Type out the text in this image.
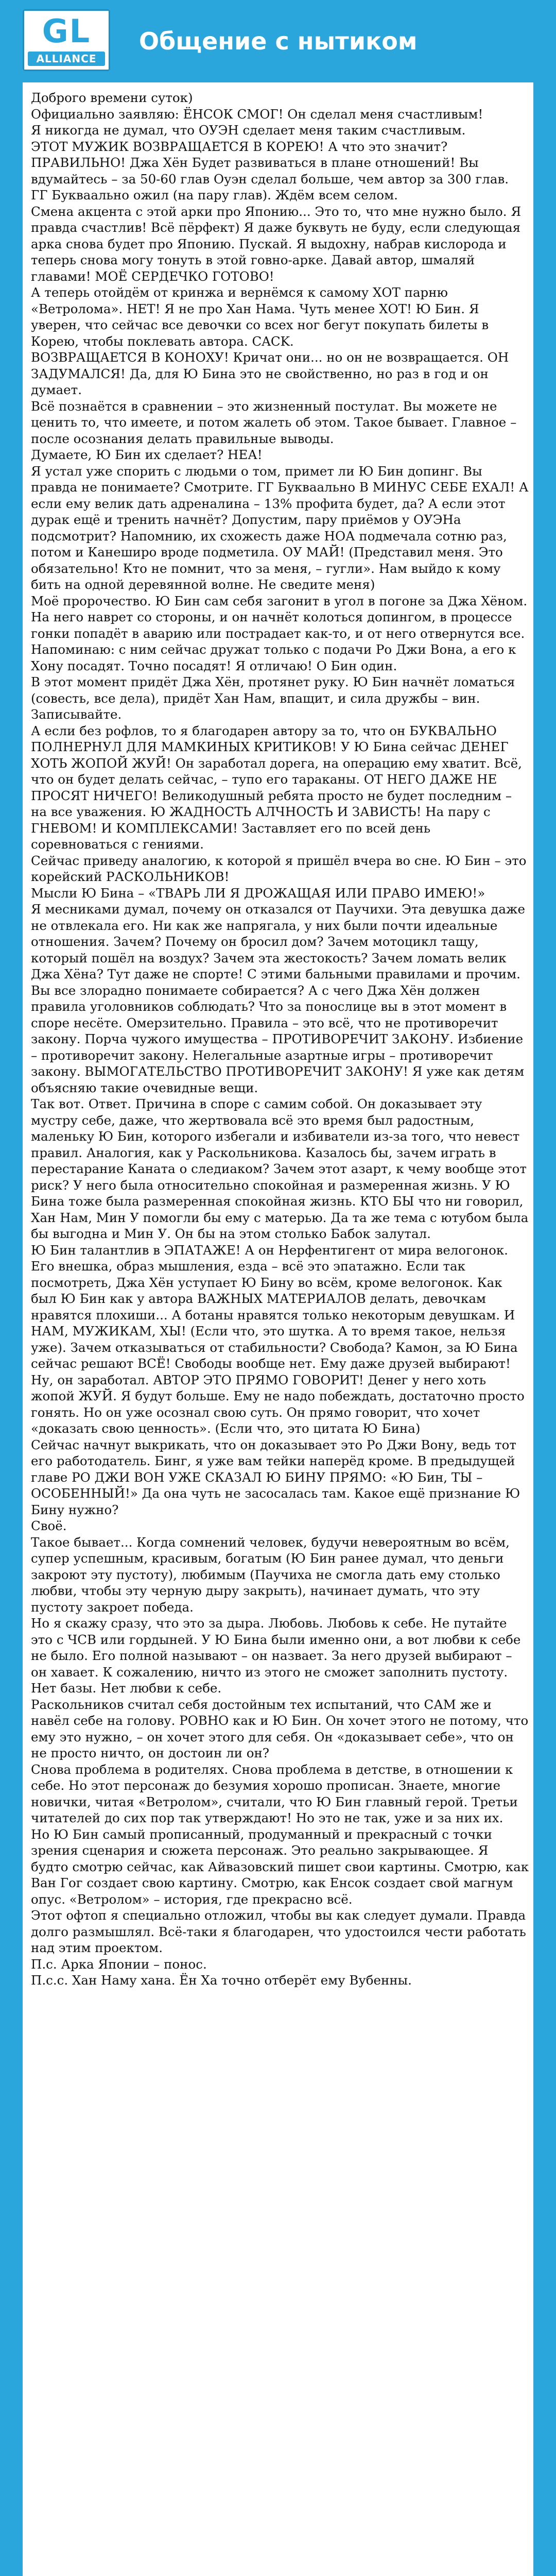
GL
ALLIANCE
Общение с нытиком

Доброго времени суток)

Официально заявляю: ЁНСОК СМОГ! Он сделал меня счастливым!

Я никогда не думал, что ОУЭН сделает меня таким счастливым.

ЭТОТ МУЖИК ВОЗВРАЩАЕТСЯ В КОРЕЮ! А что это значит? ПРАВИЛЬНО! Джа Хён Будет развиваться в плане отношений! Вы вдумайтесь – за 50-60 глав Оуэн сделал больше, чем автор за 300 глав. ГГ Букваально ожил (на пару глав). Ждём всем селом.

Смена акцента с этой арки про Японию... Это то, что мне нужно было. Я правда счастлив! Всё пёрфект) Я даже буквуть не буду, если следующая арка снова будет про Японию. Пускай. Я выдохну, набрав кислорода и теперь снова могу тонуть в этой говно-арке. Давай автор, шмаляй главами! МОЁ СЕРДЕЧКО ГОТОВО!

А теперь отойдём от кринжа и вернёмся к самому ХОТ парню «Ветролома». НЕТ! Я не про Хан Нама. Чуть менее ХОТ! Ю Бин. Я уверен, что сейчас все девочки со всех ног бегут покупать билеты в Корею, чтобы поклевать автора. CACK.

ВОЗВРАЩАЕТСЯ В КОНОХУ! Кричат они... но он не возвращается. ОН ЗАДУМАЛСЯ! Да, для Ю Бина это не свойственно, но раз в год и он думает.

Всё познаётся в сравнении – это жизненный постулат. Вы можете не ценить то, что имеете, и потом жалеть об этом. Такое бывает. Главное – после осознания делать правильные выводы.

Думаете, Ю Бин их сделает? НЕА!

Я устал уже спорить с людьми о том, примет ли Ю Бин допинг. Вы правда не понимаете? Смотрите. ГГ Букваально В МИНУС СЕБЕ ЕХАЛ! А если ему велик дать адреналина – 13% профита будет, да? А если этот дурак ещё и тренить начнёт? Допустим, пару приёмов у ОУЭНа подсмотрит? Напомнию, их схожесть даже НОА подмечала сотню раз, потом и Канеширо вроде подметила. ОУ МАЙ! (Представил меня. Это обязательно! Кто не помнит, что за меня, – гугли». Нам выйдо к кому бить на одной деревянной волне. Не сведите меня)

Моё пророчество. Ю Бин сам себя загонит в угол в погоне за Джа Хёном. На него наврет со стороны, и он начнёт колоться допингом, в процессе гонки попадёт в аварию или пострадает как-то, и от него отвернутся все. Напоминаю: с ним сейчас дружат только с подачи Ро Джи Вона, а его к Хону посадят. Точно посадят! Я отличаю! О Бин один.

В этот момент придёт Джа Хён, протянет руку. Ю Бин начнёт ломаться (совесть, все дела), придёт Хан Нам, впащит, и сила дружбы – вин. Записывайте.

А если без рофлов, то я благодарен автору за то, что он БУКВАЛЬНО ПОЛНЕРНУЛ ДЛЯ МАМКИНЫХ КРИТИКОВ! У Ю Бина сейчас ДЕНЕГ ХОТЬ ЖОПОЙ ЖУЙ! Он заработал дорега, на операцию ему хватит. Всё, что он будет делать сейчас, – тупо его тараканы. ОТ НЕГО ДАЖЕ НЕ ПРОСЯТ НИЧЕГО! Великодушный ребята просто не будет последним – на все уважения. Ю ЖАДНОСТЬ АЛЧНОСТЬ И ЗАВИСТЬ! На пару с ГНЕВОМ! И КОМПЛЕКСАМИ! Заставляет его по всей день соревноваться с гениями.

Сейчас приведу аналогию, к которой я пришёл вчера во сне. Ю Бин – это корейский РАСКОЛЬНИКОВ!

Мысли Ю Бина – «ТВАРЬ ЛИ Я ДРОЖАЩАЯ ИЛИ ПРАВО ИМЕЮ!»

Я месниками думал, почему он отказался от Паучихи. Эта девушка даже не отвлекала его. Ни как же напрягала, у них были почти идеальные отношения. Зачем? Почему он бросил дом? Зачем мотоцикл тащу, который пошёл на воздух? Зачем эта жестокость? Зачем ломать велик Джа Хёна? Тут даже не спорте! С этими бальными правилами и прочим. Вы все злорадно понимаете собирается? А с чего Джа Хён должен правила уголовников соблюдать? Что за понослице вы в этот момент в споре несёте. Омерзительно. Правила – это всё, что не противоречит закону. Порча чужого имущества – ПРОТИВОРЕЧИТ ЗАКОНУ. Избиение – противоречит закону. Нелегальные азартные игры – противоречит закону. ВЫМОГАТЕЛЬСТВО ПРОТИВОРЕЧИТ ЗАКОНУ! Я уже как детям объясняю такие очевидные вещи.

Так вот. Ответ. Причина в споре с самим собой. Он доказывает эту мустру себе, даже, что жертвовала всё это время был радостным, маленьку Ю Бин, которого избегали и избиватели из-за того, что невест правил. Аналогия, как у Раскольникова. Казалось бы, зачем играть в перестарание Каната о следиаком? Зачем этот азарт, к чему вообще этот риск? У него была относительно спокойная и размеренная жизнь. У Ю Бина тоже была размеренная спокойная жизнь. КТО БЫ что ни говорил, Хан Нам, Мин У помогли бы ему с матерью. Да та же тема с ютубом была бы выгодна и Мин У. Он бы на этом столько Бабок залутал.

Ю Бин талантлив в ЭПАТАЖЕ! А он Нерфентигент от мира велогонок. Его внешка, образ мышления, езда – всё это эпатажно. Если так посмотреть, Джа Хён уступает Ю Бину во всём, кроме велогонок. Как был Ю Бин как у автора ВАЖНЫХ МАТЕРИАЛОВ делать, девочкам нравятся плохиши... А ботаны нравятся только некоторым девушкам. И НАМ, МУЖИКАМ, ХЫ! (Если что, это шутка. А то время такое, нельзя уже). Зачем отказываться от стабильности? Свобода? Камон, за Ю Бина сейчас решают ВСЁ! Свободы вообще нет. Ему даже друзей выбирают! Ну, он заработал. АВТОР ЭТО ПРЯМО ГОВОРИТ! Денег у него хоть жопой ЖУЙ. Я будут больше. Ему не надо побеждать, достаточно просто гонять. Но он уже осознал свою суть. Он прямо говорит, что хочет «доказать свою ценность». (Если что, это цитата Ю Бина)

Сейчас начнут выкрикать, что он доказывает это Ро Джи Вону, ведь тот его работодатель. Бинг, я уже вам тейки наперёд кроме. В предыдущей главе РО ДЖИ ВОН УЖЕ СКАЗАЛ Ю БИНУ ПРЯМО: «Ю Бин, ТЫ – ОСОБЕННЫЙ!» Да она чуть не засосалась там. Какое ещё признание Ю Бину нужно?

Своё.

Такое бывает... Когда сомнений человек, будучи невероятным во всём, супер успешным, красивым, богатым (Ю Бин ранее думал, что деньги закроют эту пустоту), любимым (Паучиха не смогла дать ему столько любви, чтобы эту черную дыру закрыть), начинает думать, что эту пустоту закроет победа.

Но я скажу сразу, что это за дыра. Любовь. Любовь к себе. Не путайте это с ЧСВ или гордыней. У Ю Бина были именно они, а вот любви к себе не было. Его полной называют – он назвает. За него друзей выбирают – он хавает. К сожалению, ничто из этого не сможет заполнить пустоту. Нет базы. Нет любви к себе.

Раскольников считал себя достойным тех испытаний, что САМ же и навёл себе на голову. РОВНО как и Ю Бин. Он хочет этого не потому, что ему это нужно, – он хочет этого для себя. Он «доказывает себе», что он не просто ничто, он достоин ли он?

Снова проблема в родителях. Снова проблема в детстве, в отношении к себе. Но этот персонаж до безумия хорошо прописан. Знаете, многие новички, читая «Ветролом», считали, что Ю Бин главный герой. Третьи читателей до сих пор так утверждают! Но это не так, уже и за них их.

Но Ю Бин самый прописанный, продуманный и прекрасный с точки зрения сценария и сюжета персонаж. Это реально закрывающее. Я будто смотрю сейчас, как Айвазовский пишет свои картины. Смотрю, как Ван Гог создает свою картину. Смотрю, как Енсок создает свой магнум опус. «Ветролом» – история, где прекрасно всё.

Этот офтоп я специально отложил, чтобы вы как следует думали. Правда долго размышлял. Всё-таки я благодарен, что удостоился чести работать над этим проектом.

П.с. Арка Японии – понос.

П.с.с. Хан Наму хана. Ён Ха точно отберёт ему Вубенны.
